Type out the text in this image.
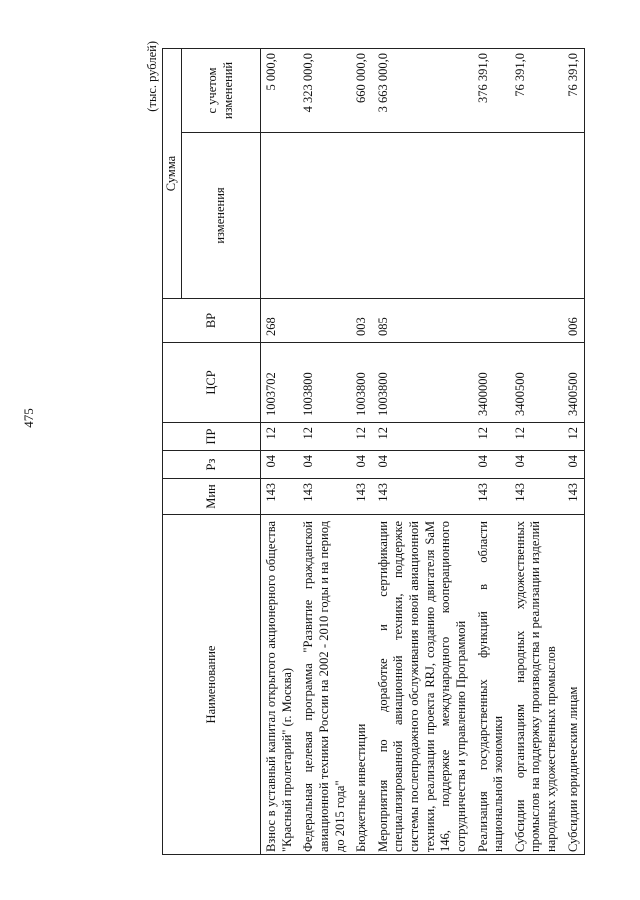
475
(тыс. рублей)
Наименование	Мин	Рз	ПР	ЦСР	ВР	Сумма	
						изменения	с учетом изменений
Взнос в уставный капитал открытого акционерного общества "Красный пролетарий" (г. Москва)	143	04	12	1003702	268		5 000,0
Федеральная целевая программа "Развитие гражданской авиационной техники России на 2002 - 2010 годы и на период до 2015 года"	143	04	12	1003800			4 323 000,0
Бюджетные инвестиции	143	04	12	1003800	003		660 000,0
Мероприятия по доработке и сертификации специализированной авиационной техники, поддержке системы послепродажного обслуживания новой авиационной техники, реализации проекта RRJ, созданию двигателя SaM 146, поддержке международного кооперационного сотрудничества и управлению Программой	143	04	12	1003800	085		3 663 000,0
Реализация государственных функций в области национальной экономики	143	04	12	3400000			376 391,0
Субсидии организациям народных художественных промыслов на поддержку производства и реализации изделий народных художественных промыслов	143	04	12	3400500			76 391,0
Субсидии юридическим лицам	143	04	12	3400500	006		76 391,0
